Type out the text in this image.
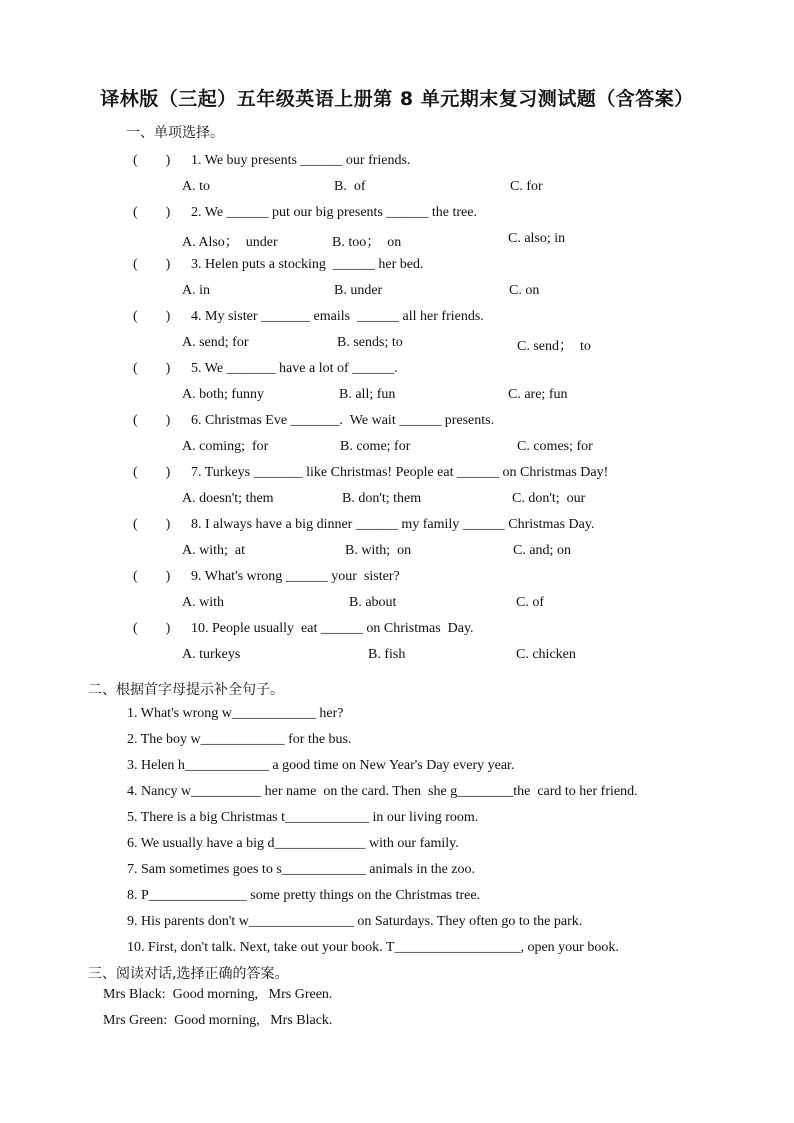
译林版（三起）五年级英语上册第 8 单元期末复习测试题（含答案）
一、单项选择。
(        ) 1. We buy presents ______ our friends.
A. to	B.  of	C. for
(        ) 2. We ______ put our big presents ______ the tree.
A. Also；  under	B. too；  on	C. also; in
(        ) 3. Helen puts a stocking  ______ her bed.
A. in	B. under	C. on
(        ) 4. My sister _______ emails  ______ all her friends.
A. send; for	B. sends; to	C. send；  to
(        ) 5. We _______ have a lot of ______.
A. both; funny	B. all; fun	C. are; fun
(        ) 6. Christmas Eve _______.  We wait ______ presents.
A. coming;  for	B. come; for	C. comes; for
(        ) 7. Turkeys _______ like Christmas! People eat ______ on Christmas Day!
A. doesn't; them	B. don't; them	C. don't;  our
(        ) 8. I always have a big dinner ______ my family ______ Christmas Day.
A. with;  at	B. with;  on	C. and; on
(        ) 9. What's wrong ______ your  sister?
A. with	B. about	C. of
(        ) 10. People usually  eat ______ on Christmas  Day.
A. turkeys	B. fish	C. chicken
二、根据首字母提示补全句子。
1. What's wrong w____________ her?
2. The boy w____________ for the bus.
3. Helen h____________ a good time on New Year's Day every year.
4. Nancy w__________ her name  on the card. Then  she g________the  card to her friend.
5. There is a big Christmas t____________ in our living room.
6. We usually have a big d_____________ with our family.
7. Sam sometimes goes to s____________ animals in the zoo.
8. P______________ some pretty things on the Christmas tree.
9. His parents don't w_______________ on Saturdays. They often go to the park.
10. First, don't talk. Next, take out your book. T__________________, open your book.
三、阅读对话,选择正确的答案。
Mrs Black:  Good morning,   Mrs Green.
Mrs Green:  Good morning,   Mrs Black.
